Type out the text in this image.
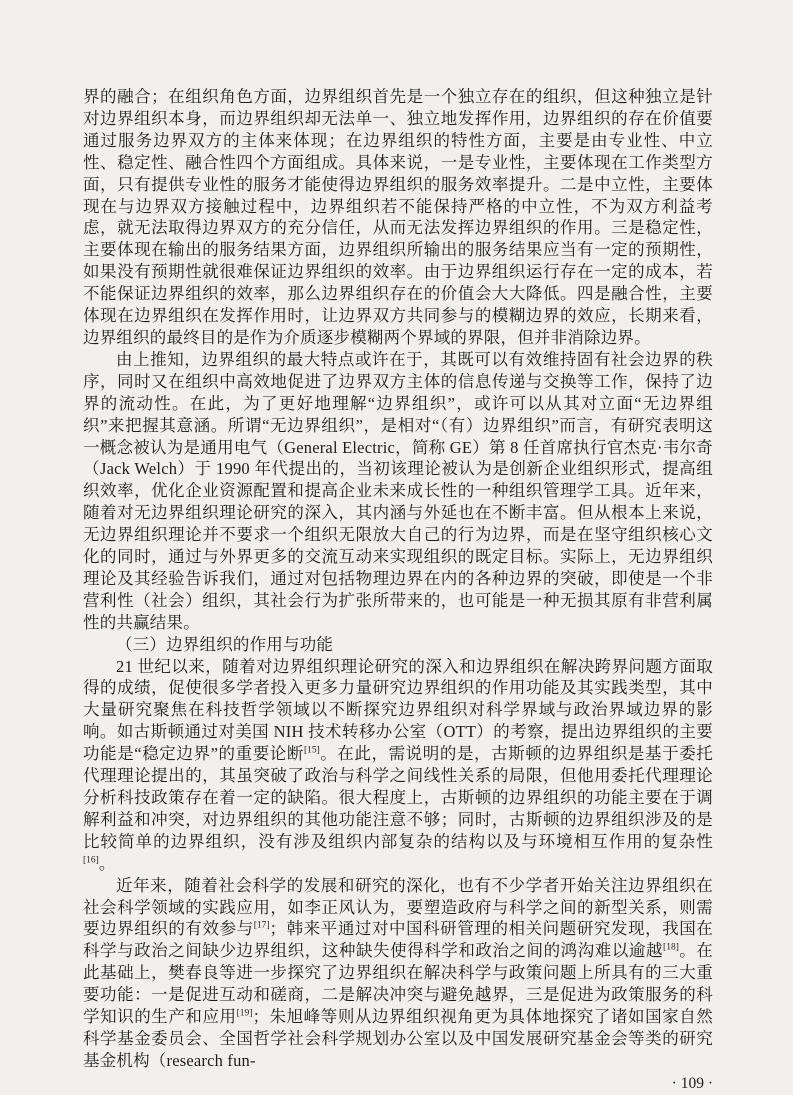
界的融合；在组织角色方面，边界组织首先是一个独立存在的组织，但这种独立是针对边界组织本身，而边界组织却无法单一、独立地发挥作用，边界组织的存在价值要通过服务边界双方的主体来体现；在边界组织的特性方面，主要是由专业性、中立性、稳定性、融合性四个方面组成。具体来说，一是专业性，主要体现在工作类型方面，只有提供专业性的服务才能使得边界组织的服务效率提升。二是中立性，主要体现在与边界双方接触过程中，边界组织若不能保持严格的中立性，不为双方利益考虑，就无法取得边界双方的充分信任，从而无法发挥边界组织的作用。三是稳定性，主要体现在输出的服务结果方面，边界组织所输出的服务结果应当有一定的预期性，如果没有预期性就很难保证边界组织的效率。由于边界组织运行存在一定的成本，若不能保证边界组织的效率，那么边界组织存在的价值会大大降低。四是融合性，主要体现在边界组织在发挥作用时，让边界双方共同参与的模糊边界的效应，长期来看，边界组织的最终目的是作为介质逐步模糊两个界域的界限，但并非消除边界。

由上推知，边界组织的最大特点或许在于，其既可以有效维持固有社会边界的秩序，同时又在组织中高效地促进了边界双方主体的信息传递与交换等工作，保持了边界的流动性。在此，为了更好地理解“边界组织”，或许可以从其对立面“无边界组织”来把握其意涵。所谓“无边界组织”，是相对“（有）边界组织”而言，有研究表明这一概念被认为是通用电气（General Electric，简称 GE）第 8 任首席执行官杰克·韦尔奇（Jack Welch）于 1990 年代提出的，当初该理论被认为是创新企业组织形式，提高组织效率，优化企业资源配置和提高企业未来成长性的一种组织管理学工具。近年来，随着对无边界组织理论研究的深入，其内涵与外延也在不断丰富。但从根本上来说，无边界组织理论并不要求一个组织无限放大自己的行为边界，而是在坚守组织核心文化的同时，通过与外界更多的交流互动来实现组织的既定目标。实际上，无边界组织理论及其经验告诉我们，通过对包括物理边界在内的各种边界的突破，即使是一个非营利性（社会）组织，其社会行为扩张所带来的，也可能是一种无损其原有非营利属性的共赢结果。

（三）边界组织的作用与功能

21 世纪以来，随着对边界组织理论研究的深入和边界组织在解决跨界问题方面取得的成绩，促使很多学者投入更多力量研究边界组织的作用功能及其实践类型，其中大量研究聚焦在科技哲学领域以不断探究边界组织对科学界域与政治界域边界的影响。如古斯顿通过对美国 NIH 技术转移办公室（OTT）的考察，提出边界组织的主要功能是“稳定边界”的重要论断[15]。在此，需说明的是，古斯顿的边界组织是基于委托代理理论提出的，其虽突破了政治与科学之间线性关系的局限，但他用委托代理理论分析科技政策存在着一定的缺陷。很大程度上，古斯顿的边界组织的功能主要在于调解利益和冲突，对边界组织的其他功能注意不够；同时，古斯顿的边界组织涉及的是比较简单的边界组织，没有涉及组织内部复杂的结构以及与环境相互作用的复杂性[16]。

近年来，随着社会科学的发展和研究的深化，也有不少学者开始关注边界组织在社会科学领域的实践应用，如李正风认为，要塑造政府与科学之间的新型关系，则需要边界组织的有效参与[17]；韩来平通过对中国科研管理的相关问题研究发现，我国在科学与政治之间缺少边界组织，这种缺失使得科学和政治之间的鸿沟难以逾越[18]。在此基础上，樊春良等进一步探究了边界组织在解决科学与政策问题上所具有的三大重要功能：一是促进互动和磋商，二是解决冲突与避免越界，三是促进为政策服务的科学知识的生产和应用[19]；朱旭峰等则从边界组织视角更为具体地探究了诸如国家自然科学基金委员会、全国哲学社会科学规划办公室以及中国发展研究基金会等类的研究基金机构（research fun-

· 109 ·
